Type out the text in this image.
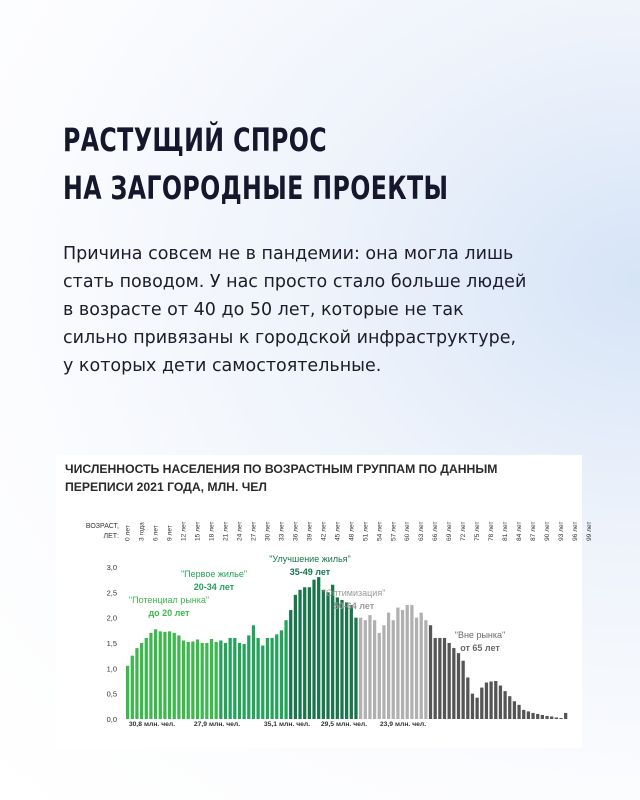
РАСТУЩИЙ СПРОС
НА ЗАГОРОДНЫЕ ПРОЕКТЫ

Причина совсем не в пандемии: она могла лишь
стать поводом. У нас просто стало больше людей
в возрасте от 40 до 50 лет, которые не так
сильно привязаны к городской инфраструктуре,
у которых дети самостоятельные.

ЧИСЛЕННОСТЬ НАСЕЛЕНИЯ ПО ВОЗРАСТНЫМ ГРУППАМ ПО ДАННЫМ
ПЕРЕПИСИ 2021 ГОДА, МЛН. ЧЕЛ
ВОЗРАСТ,
ЛЕТ:
0,0
0,5
1,0
1,5
2,0
2,5
3,0
0 лет 3 года 6 лет 9 лет 12 лет 15 лет 18 лет 21 лет 24 лет 27 лет 30 лет 33 лет 36 лет 39 лет 42 лет 45 лет 48 лет 51 лет 54 лет 57 лет 60 лет 63 лет 66 лет 69 лет 72 лет 75 лет 78 лет 81 лет 84 лет 87 лет 90 лет 93 лет 96 лет 99 лет
"Потенциал рынка"
до 20 лет
"Первое жилье"
20-34 лет
"Улучшение жилья"
35-49 лет
"Оптимизация"
50-64 лет
"Вне рынка"
от 65 лет
30,8 млн. чел.	27,9 млн. чел.	35,1 млн. чел. 29,5 млн. чел. 23,9 млн. чел.
